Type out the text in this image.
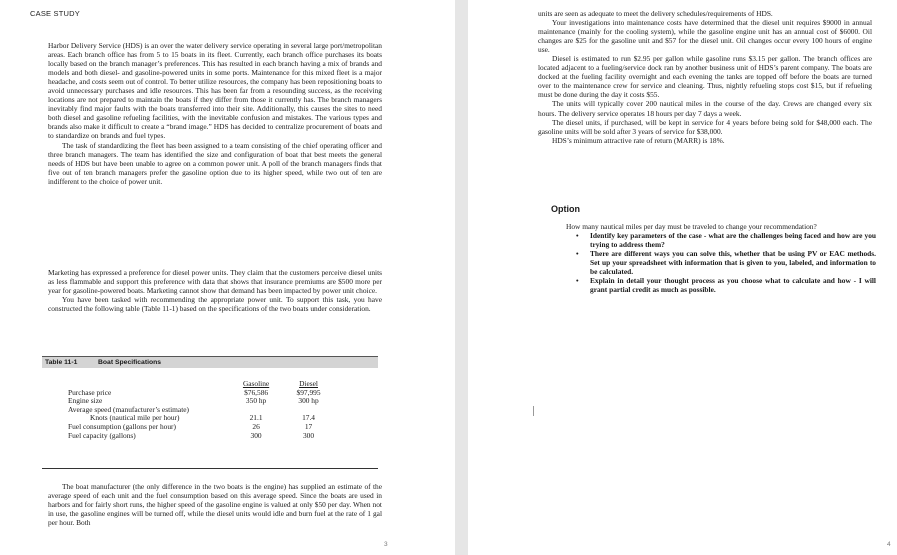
CASE STUDY

Harbor Delivery Service (HDS) is an over the water delivery service operating in several large port/metropolitan areas. Each branch office has from 5 to 15 boats in its fleet. Currently, each branch office purchases its boats locally based on the branch manager’s preferences. This has resulted in each branch having a mix of brands and models and both diesel- and gasoline-powered units in some ports. Maintenance for this mixed fleet is a major headache, and costs seem out of control. To better utilize resources, the company has been repositioning boats to avoid unnecessary purchases and idle resources. This has been far from a resounding success, as the receiving locations are not prepared to maintain the boats if they differ from those it currently has. The branch managers inevitably find major faults with the boats transferred into their site. Additionally, this causes the sites to need both diesel and gasoline refueling facilities, with the inevitable confusion and mistakes. The various types and brands also make it difficult to create a “brand image.” HDS has decided to centralize procurement of boats and to standardize on brands and fuel types.

The task of standardizing the fleet has been assigned to a team consisting of the chief operating officer and three branch managers. The team has identified the size and configuration of boat that best meets the general needs of HDS but have been unable to agree on a common power unit. A poll of the branch managers finds that five out of ten branch managers prefer the gasoline option due to its higher speed, while two out of ten are indifferent to the choice of power unit.

Marketing has expressed a preference for diesel power units. They claim that the customers perceive diesel units as less flammable and support this preference with data that shows that insurance premiums are $500 more per year for gasoline-powered boats. Marketing cannot show that demand has been impacted by power unit choice.

You have been tasked with recommending the appropriate power unit. To support this task, you have constructed the following table (Table 11-1) based on the specifications of the two boats under consideration.

Table 11-1	Boat Specifications
	Gasoline	Diesel
Purchase price	$76,586	$97,995
Engine size	350 hp	300 hp
Average speed (manufacturer’s estimate)		
Knots (nautical mile per hour)	21.1	17.4
Fuel consumption (gallons per hour)	26	17
Fuel capacity (gallons)	300	300

The boat manufacturer (the only difference in the two boats is the engine) has supplied an estimate of the average speed of each unit and the fuel consumption based on this average speed. Since the boats are used in harbors and for fairly short runs, the higher speed of the gasoline engine is valued at only $50 per day. When not in use, the gasoline engines will be turned off, while the diesel units would idle and burn fuel at the rate of 1 gal per hour. Both

3

units are seen as adequate to meet the delivery schedules/requirements of HDS.

Your investigations into maintenance costs have determined that the diesel unit requires $9000 in annual maintenance (mainly for the cooling system), while the gasoline engine unit has an annual cost of $6000. Oil changes are $25 for the gasoline unit and $57 for the diesel unit. Oil changes occur every 100 hours of engine use.

Diesel is estimated to run $2.95 per gallon while gasoline runs $3.15 per gallon. The branch offices are located adjacent to a fueling/service dock ran by another business unit of HDS’s parent company. The boats are docked at the fueling facility overnight and each evening the tanks are topped off before the boats are turned over to the maintenance crew for service and cleaning. Thus, nightly refueling stops cost $15, but if refueling must be done during the day it costs $55.

The units will typically cover 200 nautical miles in the course of the day. Crews are changed every six hours. The delivery service operates 18 hours per day 7 days a week.

The diesel units, if purchased, will be kept in service for 4 years before being sold for $48,000 each. The gasoline units will be sold after 3 years of service for $38,000.

HDS’s minimum attractive rate of return (MARR) is 18%.

Option

How many nautical miles per day must be traveled to change your recommendation?

• Identify key parameters of the case - what are the challenges being faced and how are you trying to address them?
• There are different ways you can solve this, whether that be using PV or EAC methods. Set up your spreadsheet with information that is given to you, labeled, and information to be calculated.
• Explain in detail your thought process as you choose what to calculate and how - I will grant partial credit as much as possible.
4
